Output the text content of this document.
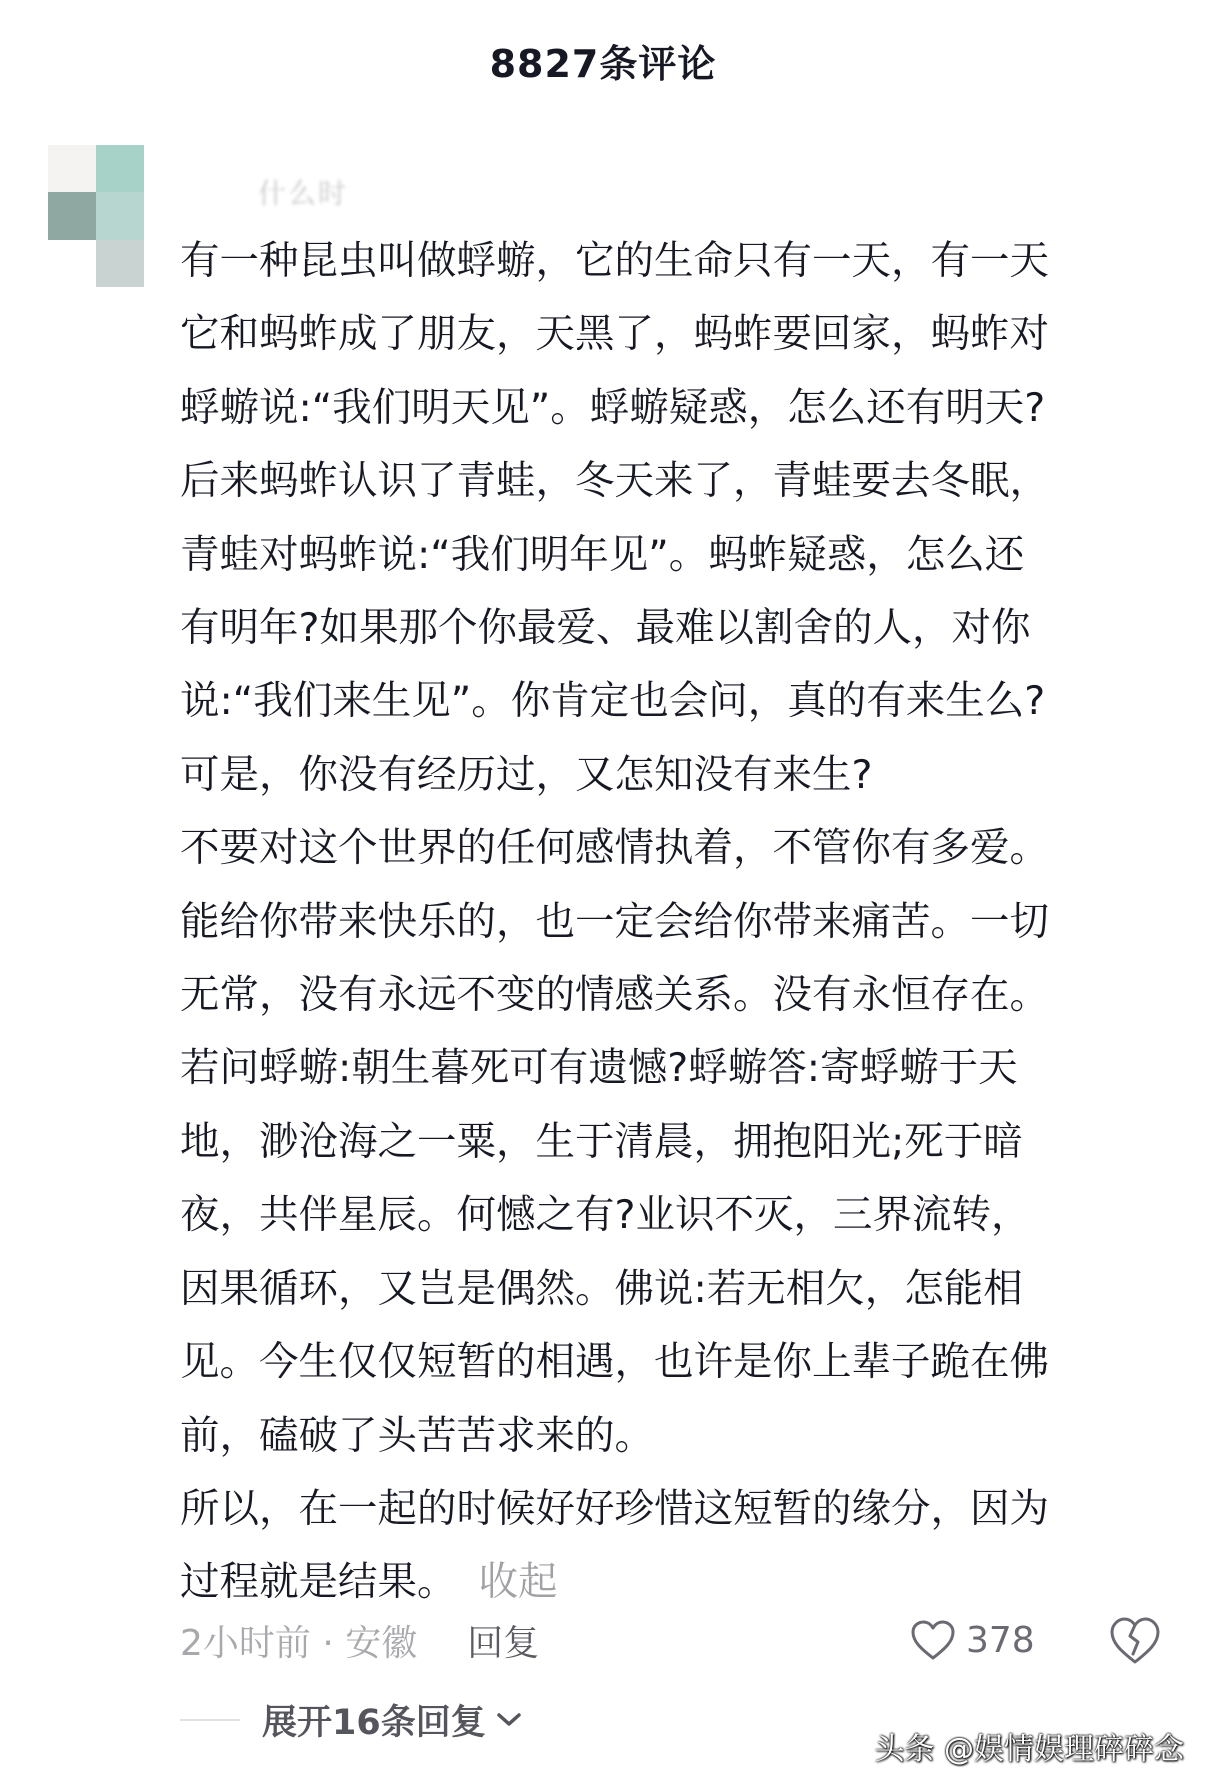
8827条评论
什么时

有一种昆虫叫做蜉蝣，它的生命只有一天，有一天

它和蚂蚱成了朋友，天黑了，蚂蚱要回家，蚂蚱对

蜉蝣说:“我们明天见”。蜉蝣疑惑，怎么还有明天?

后来蚂蚱认识了青蛙，冬天来了，青蛙要去冬眠，

青蛙对蚂蚱说:“我们明年见”。蚂蚱疑惑，怎么还

有明年?如果那个你最爱、最难以割舍的人，对你

说:“我们来生见”。你肯定也会问，真的有来生么?

可是，你没有经历过，又怎知没有来生?

不要对这个世界的任何感情执着，不管你有多爱。

能给你带来快乐的，也一定会给你带来痛苦。一切

无常，没有永远不变的情感关系。没有永恒存在。

若问蜉蝣:朝生暮死可有遗憾?蜉蝣答:寄蜉蝣于天

地，渺沧海之一粟，生于清晨，拥抱阳光;死于暗

夜，共伴星辰。何憾之有?业识不灭，三界流转，

因果循环，又岂是偶然。佛说:若无相欠，怎能相

见。今生仅仅短暂的相遇，也许是你上辈子跪在佛

前，磕破了头苦苦求来的。

所以，在一起的时候好好珍惜这短暂的缘分，因为

过程就是结果。 收起

2小时前 · 安徽 回复	378
展开16条回复
头条 @娱情娱理碎碎念
